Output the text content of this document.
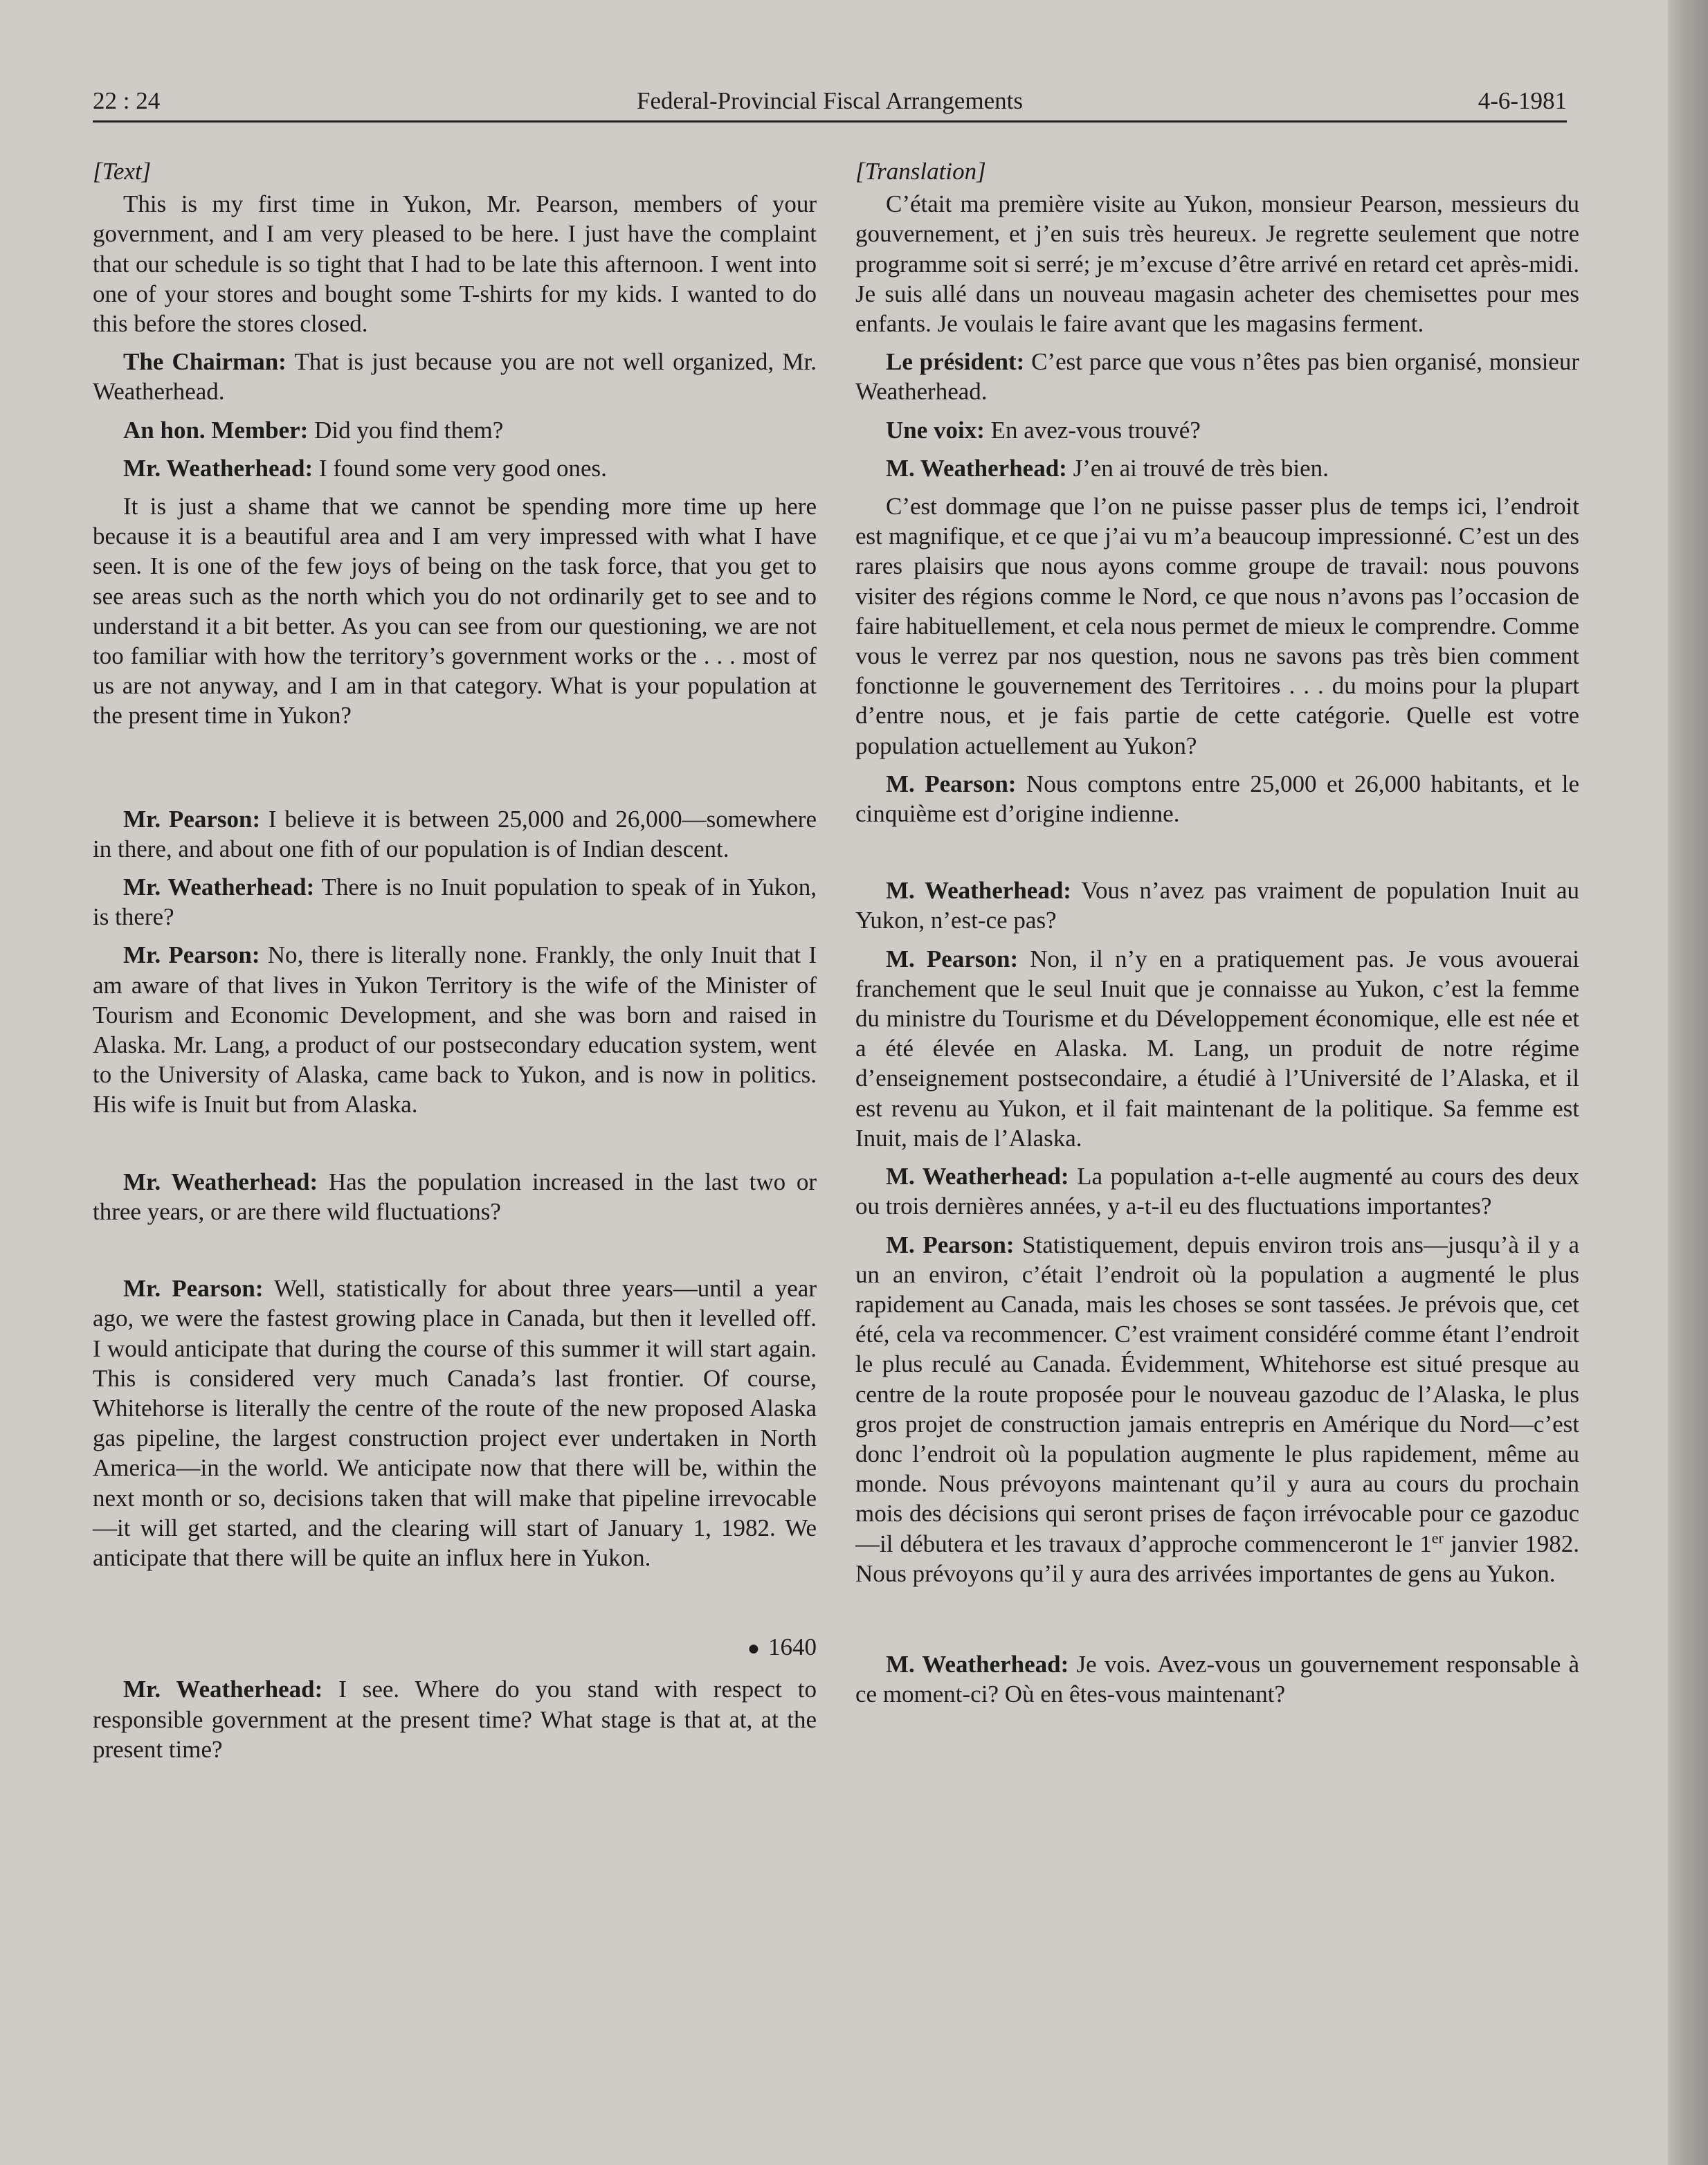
22 : 24	Federal-Provincial Fiscal Arrangements	4-6-1981

[Text]

This is my first time in Yukon, Mr. Pearson, members of your government, and I am very pleased to be here. I just have the complaint that our schedule is so tight that I had to be late this afternoon. I went into one of your stores and bought some T-shirts for my kids. I wanted to do this before the stores closed.

The Chairman: That is just because you are not well organized, Mr. Weatherhead.

An hon. Member: Did you find them?

Mr. Weatherhead: I found some very good ones.

It is just a shame that we cannot be spending more time up here because it is a beautiful area and I am very impressed with what I have seen. It is one of the few joys of being on the task force, that you get to see areas such as the north which you do not ordinarily get to see and to understand it a bit better. As you can see from our questioning, we are not too familiar with how the territory’s government works or the . . . most of us are not anyway, and I am in that category. What is your population at the present time in Yukon?

Mr. Pearson: I believe it is between 25,000 and 26,000—somewhere in there, and about one fith of our population is of Indian descent.

Mr. Weatherhead: There is no Inuit population to speak of in Yukon, is there?

Mr. Pearson: No, there is literally none. Frankly, the only Inuit that I am aware of that lives in Yukon Territory is the wife of the Minister of Tourism and Economic Development, and she was born and raised in Alaska. Mr. Lang, a product of our postsecondary education system, went to the University of Alaska, came back to Yukon, and is now in politics. His wife is Inuit but from Alaska.

Mr. Weatherhead: Has the population increased in the last two or three years, or are there wild fluctuations?

Mr. Pearson: Well, statistically for about three years—until a year ago, we were the fastest growing place in Canada, but then it levelled off. I would anticipate that during the course of this summer it will start again. This is considered very much Canada’s last frontier. Of course, Whitehorse is literally the centre of the route of the new proposed Alaska gas pipeline, the largest construction project ever undertaken in North America—in the world. We anticipate now that there will be, within the next month or so, decisions taken that will make that pipeline irrevocable—it will get started, and the clearing will start of January 1, 1982. We anticipate that there will be quite an influx here in Yukon.

● 1640

Mr. Weatherhead: I see. Where do you stand with respect to responsible government at the present time? What stage is that at, at the present time?

[Translation]

C’était ma première visite au Yukon, monsieur Pearson, messieurs du gouvernement, et j’en suis très heureux. Je regrette seulement que notre programme soit si serré; je m’excuse d’être arrivé en retard cet après-midi. Je suis allé dans un nouveau magasin acheter des chemisettes pour mes enfants. Je voulais le faire avant que les magasins ferment.

Le président: C’est parce que vous n’êtes pas bien organisé, monsieur Weatherhead.

Une voix: En avez-vous trouvé?

M. Weatherhead: J’en ai trouvé de très bien.

C’est dommage que l’on ne puisse passer plus de temps ici, l’endroit est magnifique, et ce que j’ai vu m’a beaucoup impressionné. C’est un des rares plaisirs que nous ayons comme groupe de travail: nous pouvons visiter des régions comme le Nord, ce que nous n’avons pas l’occasion de faire habituellement, et cela nous permet de mieux le comprendre. Comme vous le verrez par nos question, nous ne savons pas très bien comment fonctionne le gouvernement des Territoires . . . du moins pour la plupart d’entre nous, et je fais partie de cette catégorie. Quelle est votre population actuellement au Yukon?

M. Pearson: Nous comptons entre 25,000 et 26,000 habitants, et le cinquième est d’origine indienne.

M. Weatherhead: Vous n’avez pas vraiment de population Inuit au Yukon, n’est-ce pas?

M. Pearson: Non, il n’y en a pratiquement pas. Je vous avouerai franchement que le seul Inuit que je connaisse au Yukon, c’est la femme du ministre du Tourisme et du Développement économique, elle est née et a été élevée en Alaska. M. Lang, un produit de notre régime d’enseignement postsecondaire, a étudié à l’Université de l’Alaska, et il est revenu au Yukon, et il fait maintenant de la politique. Sa femme est Inuit, mais de l’Alaska.

M. Weatherhead: La population a-t-elle augmenté au cours des deux ou trois dernières années, y a-t-il eu des fluctuations importantes?

M. Pearson: Statistiquement, depuis environ trois ans—jusqu’à il y a un an environ, c’était l’endroit où la population a augmenté le plus rapidement au Canada, mais les choses se sont tassées. Je prévois que, cet été, cela va recommencer. C’est vraiment considéré comme étant l’endroit le plus reculé au Canada. Évidemment, Whitehorse est situé presque au centre de la route proposée pour le nouveau gazoduc de l’Alaska, le plus gros projet de construction jamais entrepris en Amérique du Nord—c’est donc l’endroit où la population augmente le plus rapidement, même au monde. Nous prévoyons maintenant qu’il y aura au cours du prochain mois des décisions qui seront prises de façon irrévocable pour ce gazoduc—il débutera et les travaux d’approche commenceront le 1er janvier 1982. Nous prévoyons qu’il y aura des arrivées importantes de gens au Yukon.

M. Weatherhead: Je vois. Avez-vous un gouvernement responsable à ce moment-ci? Où en êtes-vous maintenant?
